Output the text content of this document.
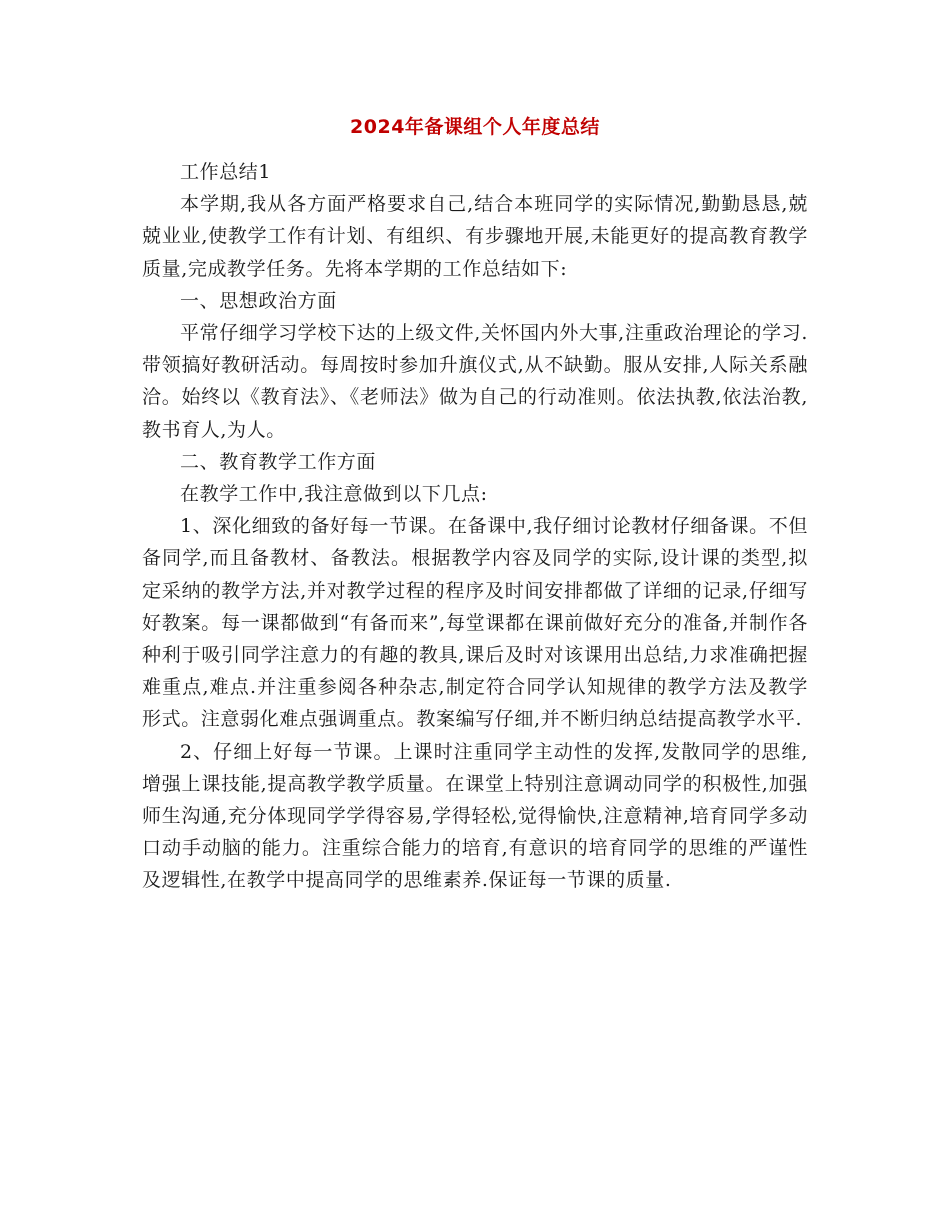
2024年备课组个人年度总结

工作总结1

本学期,我从各方面严格要求自己,结合本班同学的实际情况,勤勤恳恳,兢兢业业,使教学工作有计划、有组织、有步骤地开展,未能更好的提高教育教学质量,完成教学任务。先将本学期的工作总结如下:

一、思想政治方面

平常仔细学习学校下达的上级文件,关怀国内外大事,注重政治理论的学习.带领搞好教研活动。每周按时参加升旗仪式,从不缺勤。服从安排,人际关系融洽。始终以《教育法》、《老师法》做为自己的行动准则。依法执教,依法治教,教书育人,为人。

二、教育教学工作方面

在教学工作中,我注意做到以下几点:

1、深化细致的备好每一节课。在备课中,我仔细讨论教材仔细备课。不但备同学,而且备教材、备教法。根据教学内容及同学的实际,设计课的类型,拟定采纳的教学方法,并对教学过程的程序及时间安排都做了详细的记录,仔细写好教案。每一课都做到“有备而来”,每堂课都在课前做好充分的准备,并制作各种利于吸引同学注意力的有趣的教具,课后及时对该课用出总结,力求准确把握难重点,难点.并注重参阅各种杂志,制定符合同学认知规律的教学方法及教学形式。注意弱化难点强调重点。教案编写仔细,并不断归纳总结提高教学水平.

2、仔细上好每一节课。上课时注重同学主动性的发挥,发散同学的思维, 增强上课技能,提高教学教学质量。在课堂上特别注意调动同学的积极性,加强师生沟通,充分体现同学学得容易,学得轻松,觉得愉快,注意精神,培育同学多动口动手动脑的能力。注重综合能力的培育,有意识的培育同学的思维的严谨性及逻辑性,在教学中提高同学的思维素养.保证每一节课的质量.
